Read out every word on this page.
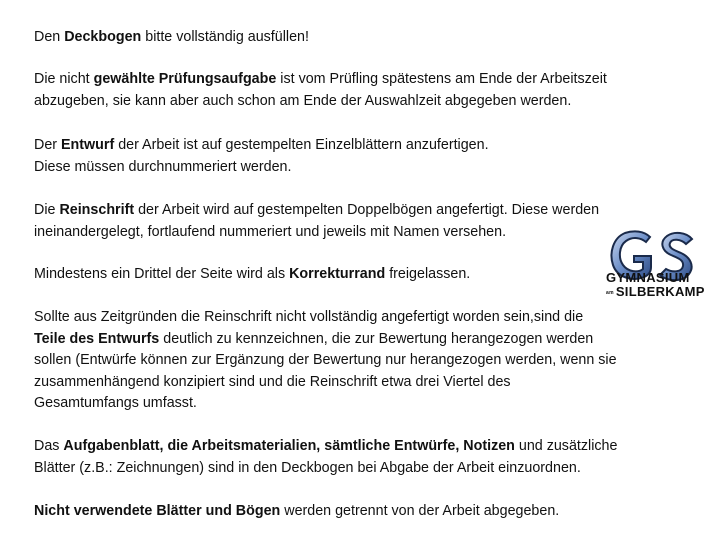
Den Deckbogen bitte vollständig ausfüllen!
Die nicht gewählte Prüfungsaufgabe ist vom Prüfling spätestens am Ende der Arbeitszeit
abzugeben, sie kann aber auch schon am Ende der Auswahlzeit abgegeben werden.
Der Entwurf der Arbeit ist auf gestempelten Einzelblättern anzufertigen.
Diese müssen durchnummeriert werden.
Die Reinschrift der Arbeit wird auf gestempelten Doppelbögen angefertigt. Diese werden
ineinandergelegt, fortlaufend nummeriert und jeweils mit Namen versehen.
Mindestens ein Drittel der Seite wird als Korrekturrand freigelassen.
Sollte aus Zeitgründen die Reinschrift nicht vollständig angefertigt worden sein,sind die
Teile des Entwurfs deutlich zu kennzeichnen, die zur Bewertung herangezogen werden
sollen (Entwürfe können zur Ergänzung der Bewertung nur herangezogen werden, wenn sie
zusammenhängend konzipiert sind und die Reinschrift etwa drei Viertel des
Gesamtumfangs umfasst.
Das Aufgabenblatt, die Arbeitsmaterialien, sämtliche Entwürfe, Notizen und zusätzliche
Blätter (z.B.: Zeichnungen) sind in den Deckbogen bei Abgabe der Arbeit einzuordnen.
Nicht verwendete Blätter und Bögen werden getrennt von der Arbeit abgegeben.
GYMNASIUM
am SILBERKAMP
